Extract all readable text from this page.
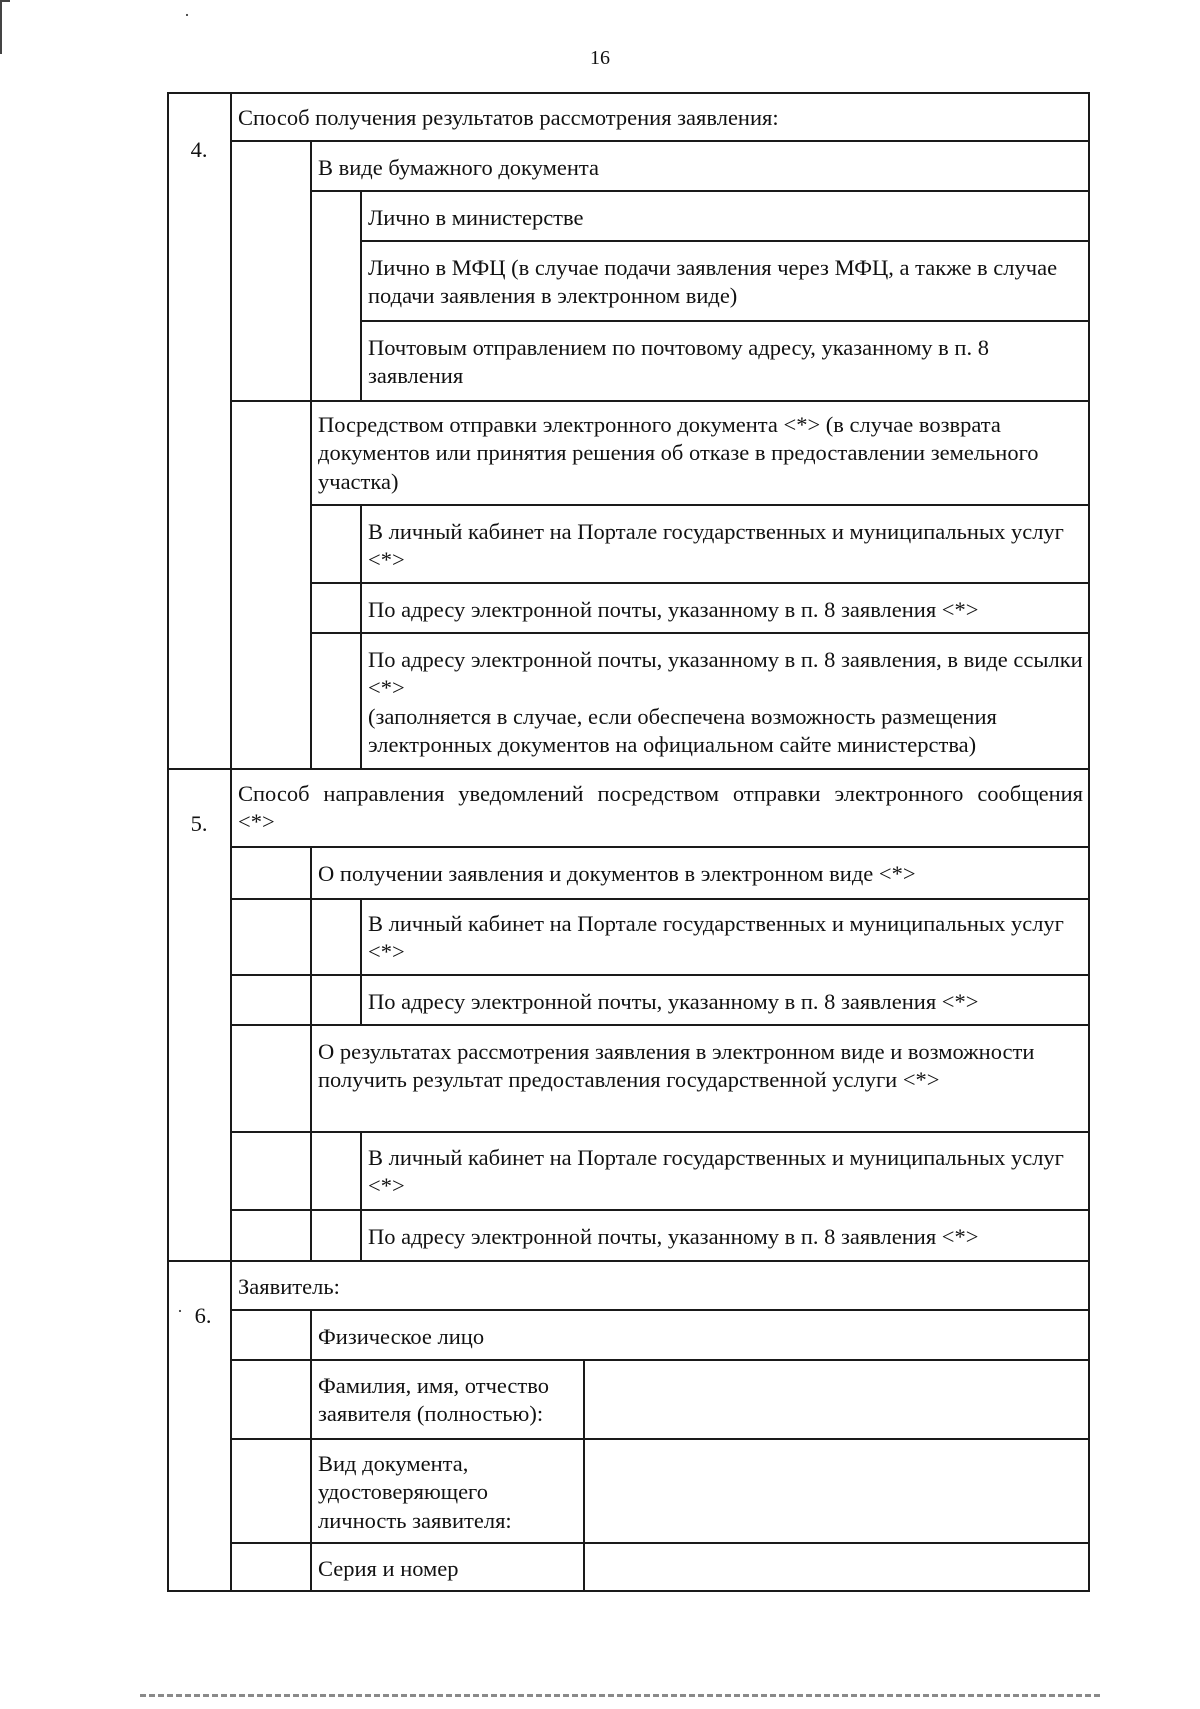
·
16
4.
Способ получения результатов рассмотрения заявления:
В виде бумажного документа
Лично в министерстве
Лично в МФЦ (в случае подачи заявления через МФЦ, а также в случае подачи заявления в электронном виде)
Почтовым отправлением по почтовому адресу, указанному в п. 8 заявления
Посредством отправки электронного документа <*> (в случае возврата документов или принятия решения об отказе в предоставлении земельного участка)
В личный кабинет на Портале государственных и муниципальных услуг <*>
По адресу электронной почты, указанному в п. 8 заявления <*>
По адресу электронной почты, указанному в п. 8 заявления, в виде ссылки <*>
(заполняется в случае, если обеспечена возможность размещения электронных документов на официальном сайте министерства)
5.
Способ направления уведомлений посредством отправки электронного сообщения <*>
О получении заявления и документов в электронном виде <*>
В личный кабинет на Портале государственных и муниципальных услуг <*>
По адресу электронной почты, указанному в п. 8 заявления <*>
О результатах рассмотрения заявления в электронном виде и возможности получить результат предоставления государственной услуги <*>
В личный кабинет на Портале государственных и муниципальных услуг <*>
По адресу электронной почты, указанному в п. 8 заявления <*>
· 6.
Заявитель:
Физическое лицо
Фамилия, имя, отчество заявителя (полностью):
Вид документа, удостоверяющего личность заявителя:
Серия и номер
